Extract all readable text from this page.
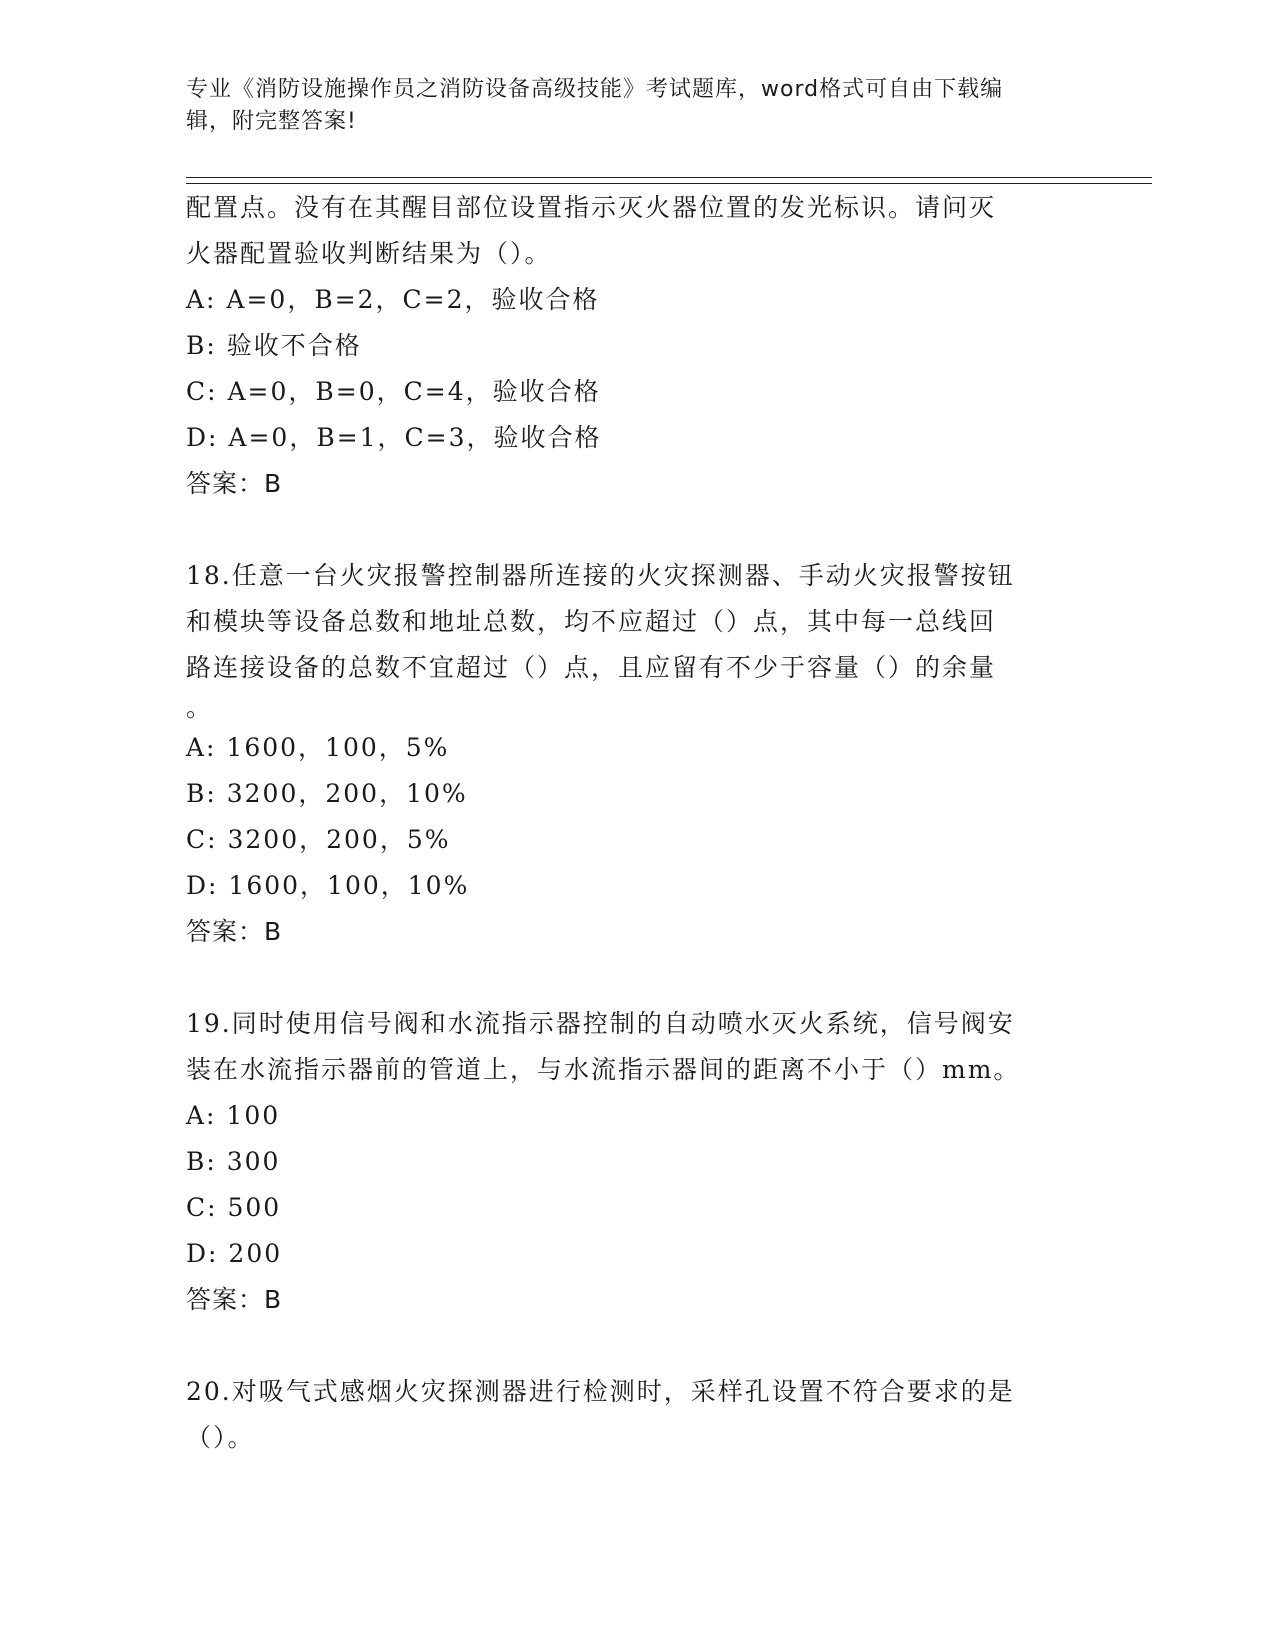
专业《消防设施操作员之消防设备高级技能》考试题库，word格式可自由下载编
辑，附完整答案!
配置点。没有在其醒目部位设置指示灭火器位置的发光标识。请问灭
火器配置验收判断结果为（）。
A: A=0，B=2，C=2，验收合格
B: 验收不合格
C: A=0，B=0，C=4，验收合格
D: A=0，B=1，C=3，验收合格
答案：B
18.任意一台火灾报警控制器所连接的火灾探测器、手动火灾报警按钮
和模块等设备总数和地址总数，均不应超过（）点，其中每一总线回
路连接设备的总数不宜超过（）点，且应留有不少于容量（）的余量
。
A: 1600，100，5%
B: 3200，200，10%
C: 3200，200，5%
D: 1600，100，10%
答案：B
19.同时使用信号阀和水流指示器控制的自动喷水灭火系统，信号阀安
装在水流指示器前的管道上，与水流指示器间的距离不小于（）mm。
A: 100
B: 300
C: 500
D: 200
答案：B
20.对吸气式感烟火灾探测器进行检测时，采样孔设置不符合要求的是
（）。
